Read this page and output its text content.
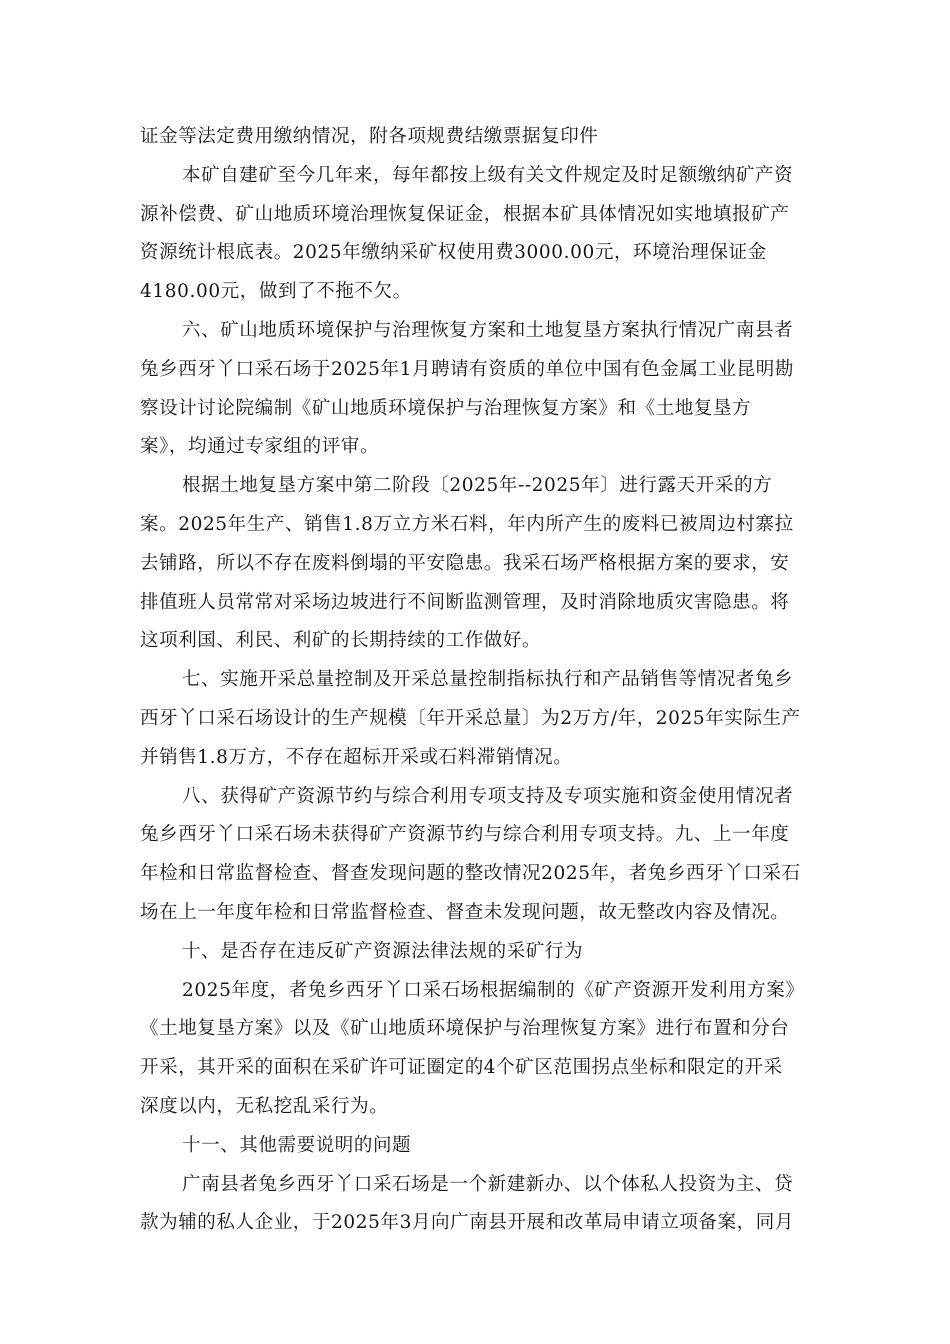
证金等法定费用缴纳情况，附各项规费结缴票据复印件
本矿自建矿至今几年来，每年都按上级有关文件规定及时足额缴纳矿产资
源补偿费、矿山地质环境治理恢复保证金，根据本矿具体情况如实地填报矿产
资源统计根底表。2025年缴纳采矿权使用费3000.00元，环境治理保证金
4180.00元，做到了不拖不欠。
六、矿山地质环境保护与治理恢复方案和土地复垦方案执行情况广南县者
兔乡西牙丫口采石场于2025年1月聘请有资质的单位中国有色金属工业昆明勘
察设计讨论院编制《矿山地质环境保护与治理恢复方案》和《土地复垦方
案》，均通过专家组的评审。
根据土地复垦方案中第二阶段〔2025年--2025年〕进行露天开采的方
案。2025年生产、销售1.8万立方米石料，年内所产生的废料已被周边村寨拉
去铺路，所以不存在废料倒塌的平安隐患。我采石场严格根据方案的要求，安
排值班人员常常对采场边坡进行不间断监测管理，及时消除地质灾害隐患。将
这项利国、利民、利矿的长期持续的工作做好。
七、实施开采总量控制及开采总量控制指标执行和产品销售等情况者兔乡
西牙丫口采石场设计的生产规模〔年开采总量〕为2万方/年，2025年实际生产
并销售1.8万方，不存在超标开采或石料滞销情况。
八、获得矿产资源节约与综合利用专项支持及专项实施和资金使用情况者
兔乡西牙丫口采石场未获得矿产资源节约与综合利用专项支持。九、上一年度
年检和日常监督检查、督查发现问题的整改情况2025年，者兔乡西牙丫口采石
场在上一年度年检和日常监督检查、督查未发现问题，故无整改内容及情况。
十、是否存在违反矿产资源法律法规的采矿行为
2025年度，者兔乡西牙丫口采石场根据编制的《矿产资源开发利用方案》
《土地复垦方案》以及《矿山地质环境保护与治理恢复方案》进行布置和分台
开采，其开采的面积在采矿许可证圈定的4个矿区范围拐点坐标和限定的开采
深度以内，无私挖乱采行为。
十一、其他需要说明的问题
广南县者兔乡西牙丫口采石场是一个新建新办、以个体私人投资为主、贷
款为辅的私人企业，于2025年3月向广南县开展和改革局申请立项备案，同月
